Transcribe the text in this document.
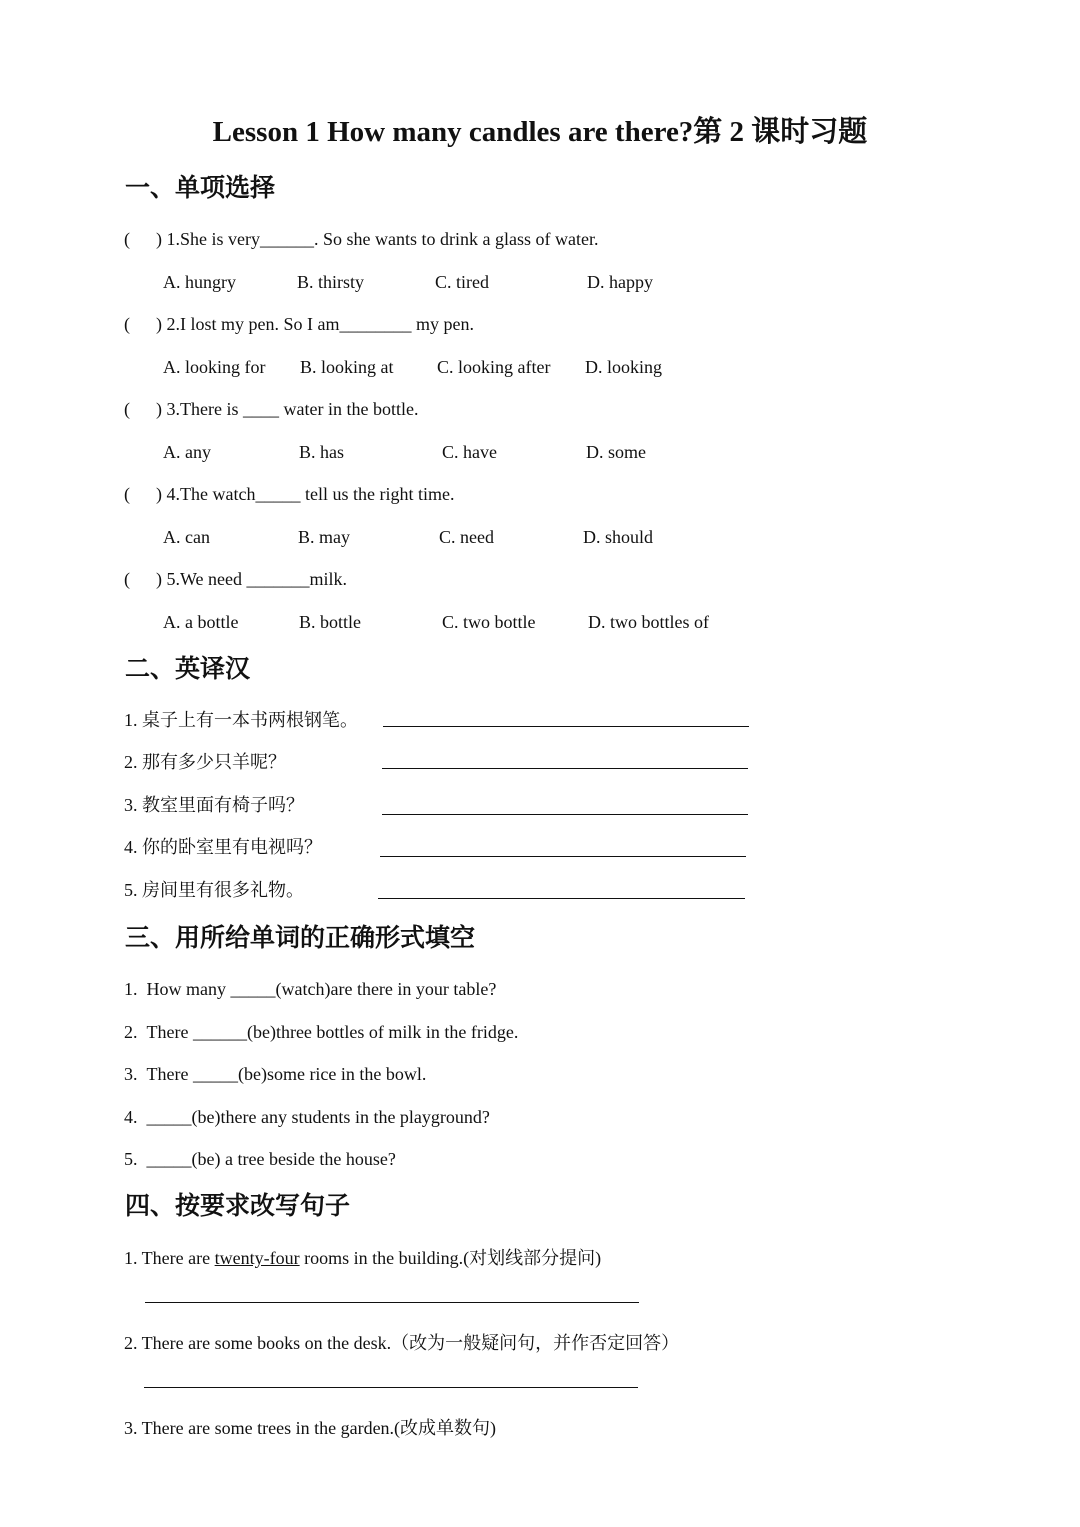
Lesson 1 How many candles are there?第 2 课时习题
一、单项选择
( ) 1.She is very______. So she wants to drink a glass of water.
A. hungry	B. thirsty	C. tired	D. happy
( ) 2.I lost my pen. So I am________ my pen.
A. looking for B. looking at C. looking after D. looking
( ) 3.There is ____ water in the bottle.
A. any	B. has	C. have	D. some
( ) 4.The watch_____ tell us the right time.
A. can	B. may	C. need	D. should
( ) 5.We need _______milk.
A. a bottle	B. bottle	C. two bottle	D. two bottles of
二、英译汉
1. 桌子上有一本书两根钢笔。
2. 那有多少只羊呢？
3. 教室里面有椅子吗？
4. 你的卧室里有电视吗？
5. 房间里有很多礼物。
三、用所给单词的正确形式填空
1. How many _____(watch)are there in your table?
2. There ______(be)three bottles of milk in the fridge.
3. There _____(be)some rice in the bowl.
4. _____(be)there any students in the playground?
5. _____(be) a tree beside the house?
四、按要求改写句子
1. There are twenty-four rooms in the building.(对划线部分提问)
2. There are some books on the desk.（改为一般疑问句，并作否定回答）
3. There are some trees in the garden.(改成单数句)
